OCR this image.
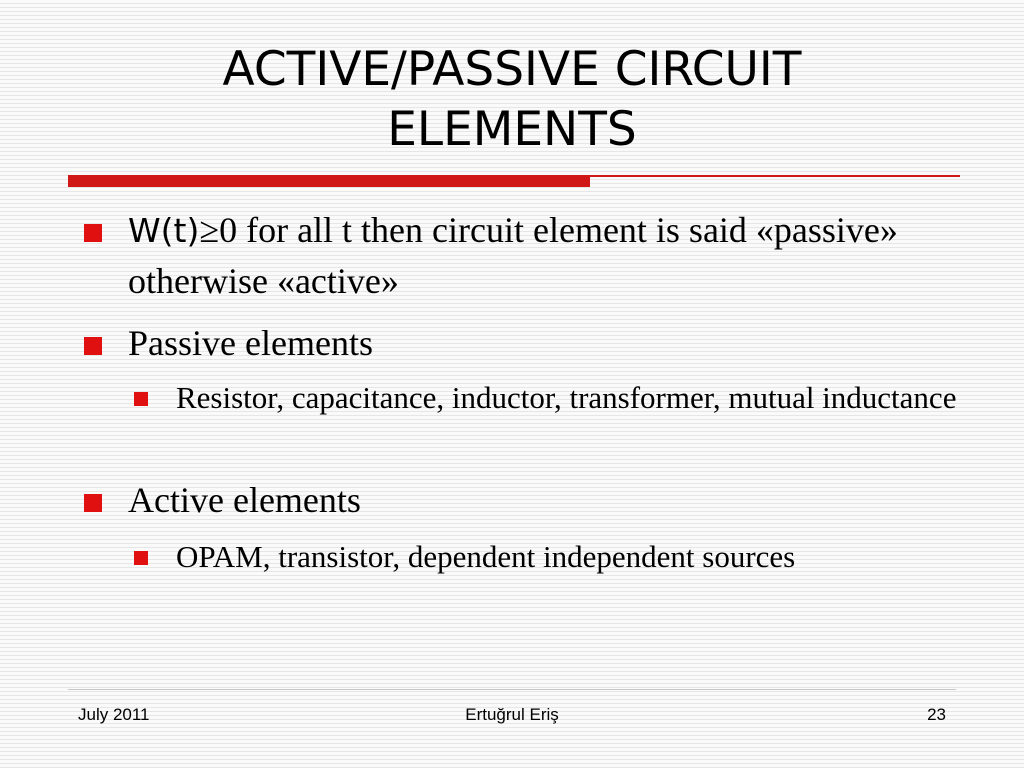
ACTIVE/PASSIVE CIRCUIT
ELEMENTS
W(t)≥0 for all t then circuit element is said «passive» otherwise «active»
Passive elements
Resistor, capacitance, inductor, transformer, mutual inductance
Active elements
OPAM, transistor, dependent independent sources
July 2011	Ertuğrul Eriş	23
